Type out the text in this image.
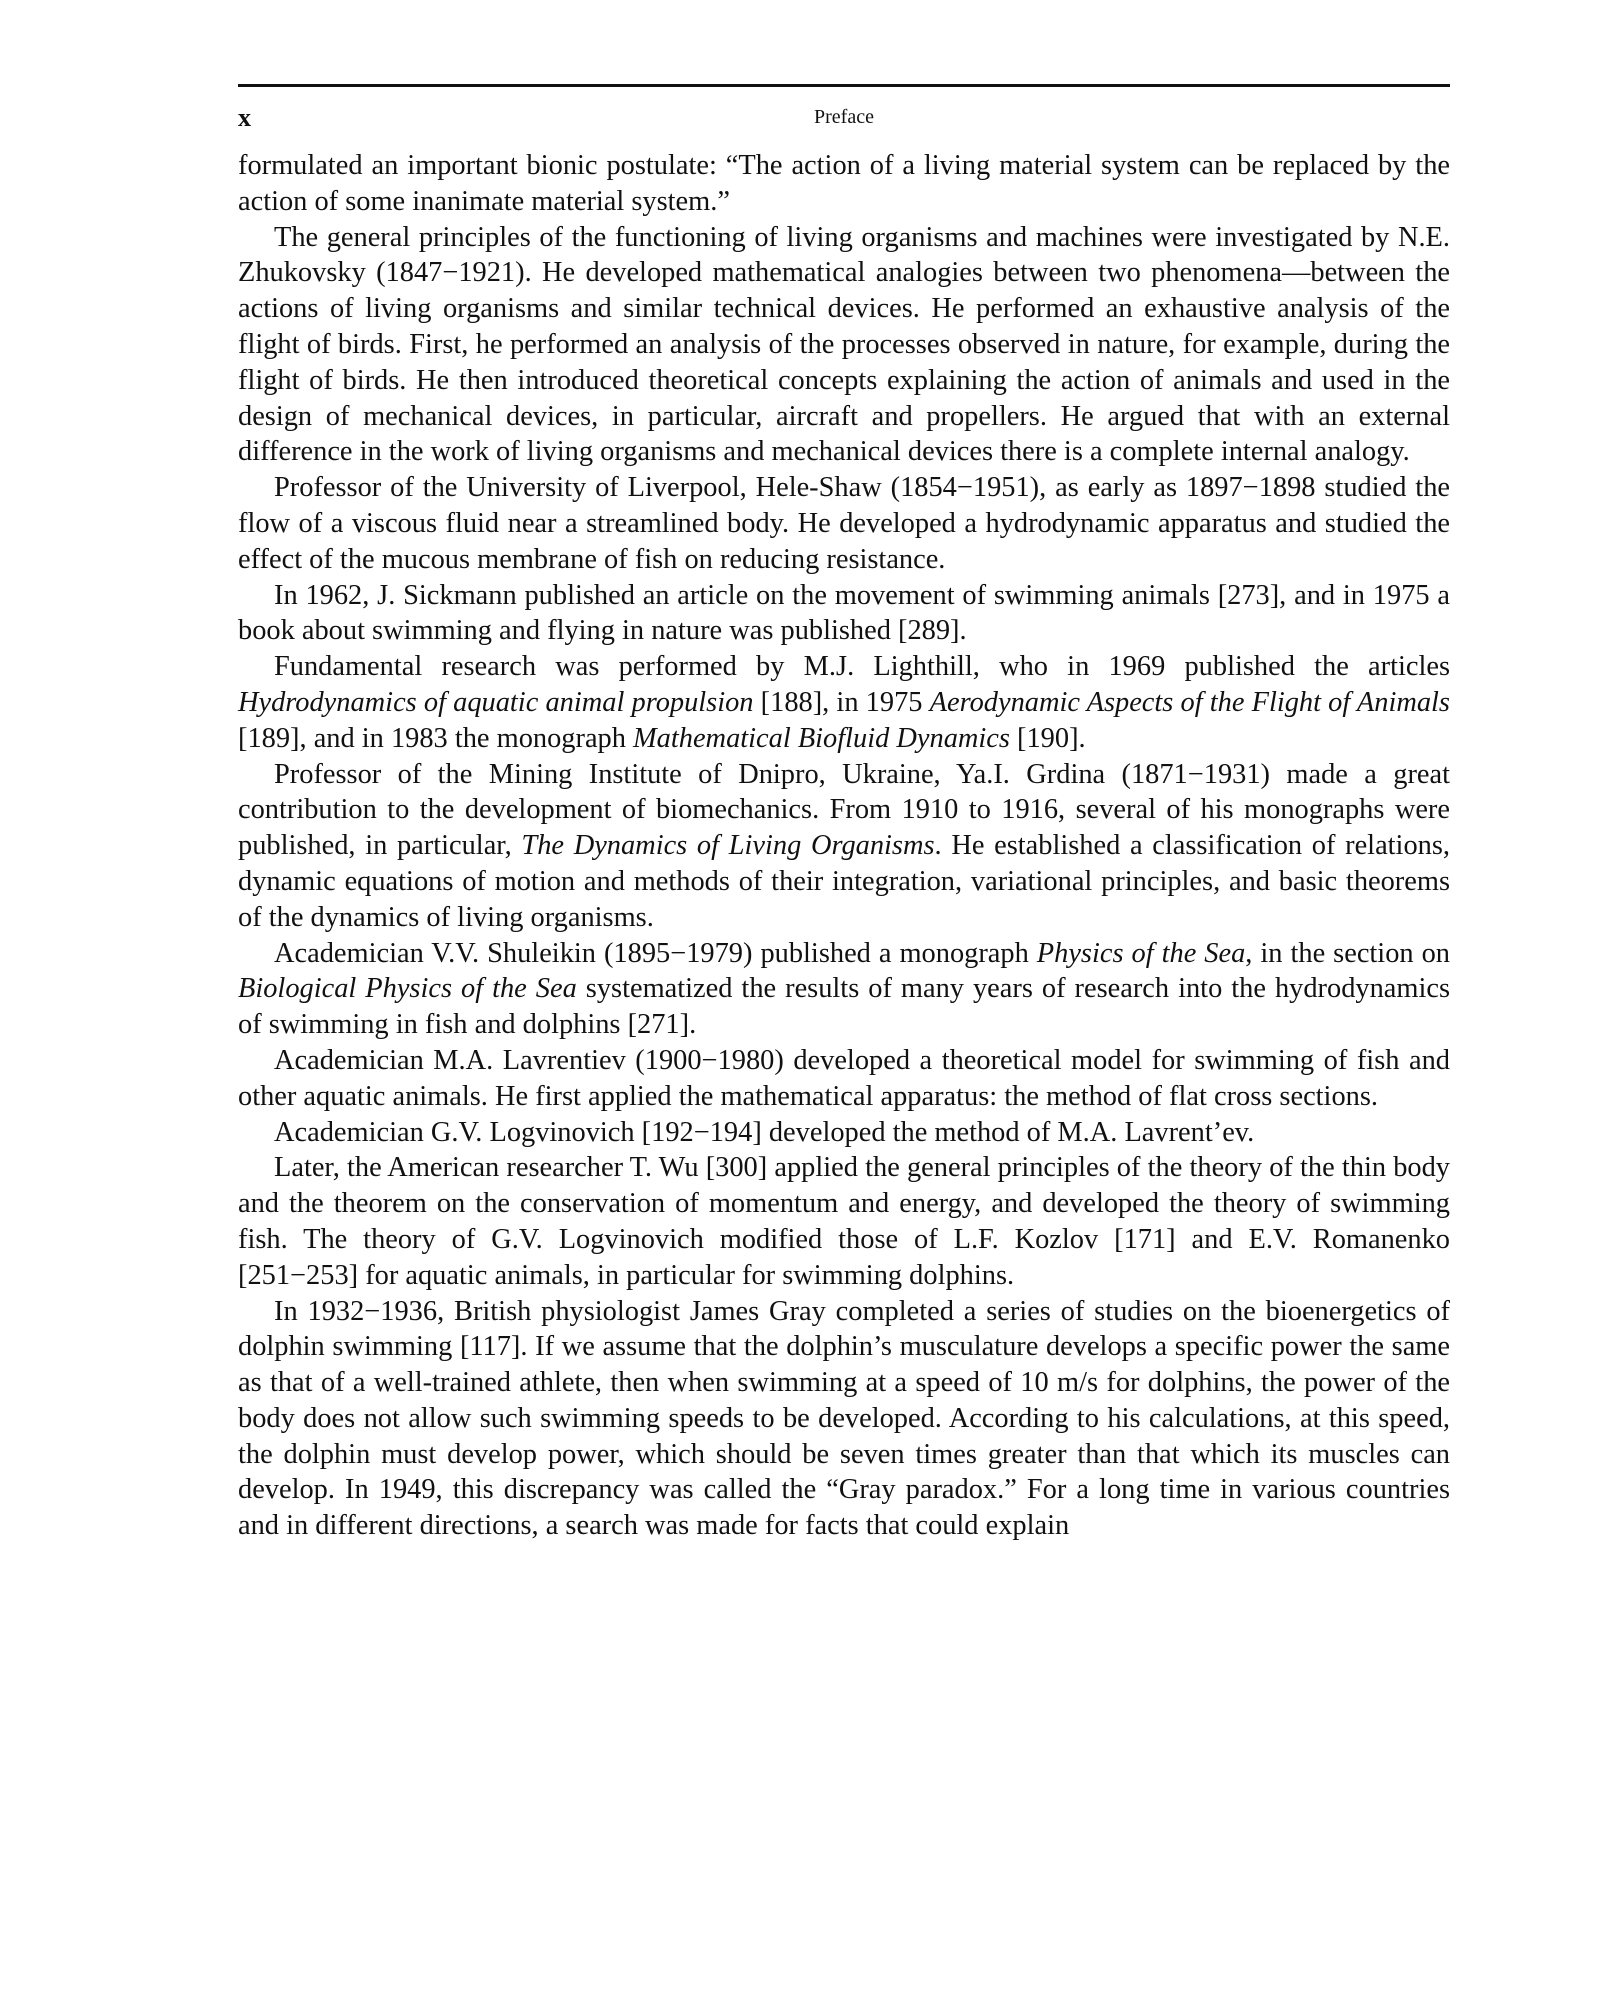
x	Preface

formulated an important bionic postulate: “The action of a living material system can be replaced by the action of some inanimate material system.”

The general principles of the functioning of living organisms and machines were investigated by N.E. Zhukovsky (1847−1921). He developed mathematical analogies between two phenomena—between the actions of living organisms and similar technical devices. He performed an exhaustive analysis of the flight of birds. First, he performed an analysis of the processes observed in nature, for example, during the flight of birds. He then introduced theoretical concepts explaining the action of animals and used in the design of mechanical devices, in particular, aircraft and propellers. He argued that with an external difference in the work of living organisms and mechanical devices there is a complete internal analogy.

Professor of the University of Liverpool, Hele-Shaw (1854−1951), as early as 1897−1898 studied the flow of a viscous fluid near a streamlined body. He developed a hydrodynamic apparatus and studied the effect of the mucous membrane of fish on reducing resistance.

In 1962, J. Sickmann published an article on the movement of swimming animals [273], and in 1975 a book about swimming and flying in nature was published [289].

Fundamental research was performed by M.J. Lighthill, who in 1969 published the articles Hydrodynamics of aquatic animal propulsion [188], in 1975 Aerodynamic Aspects of the Flight of Animals [189], and in 1983 the monograph Mathematical Biofluid Dynamics [190].

Professor of the Mining Institute of Dnipro, Ukraine, Ya.I. Grdina (1871−1931) made a great contribution to the development of biomechanics. From 1910 to 1916, several of his monographs were published, in particular, The Dynamics of Living Organisms. He established a classification of relations, dynamic equations of motion and methods of their integration, variational principles, and basic theorems of the dynamics of living organisms.

Academician V.V. Shuleikin (1895−1979) published a monograph Physics of the Sea, in the section on Biological Physics of the Sea systematized the results of many years of research into the hydrodynamics of swimming in fish and dolphins [271].

Academician M.A. Lavrentiev (1900−1980) developed a theoretical model for swimming of fish and other aquatic animals. He first applied the mathematical apparatus: the method of flat cross sections.

Academician G.V. Logvinovich [192−194] developed the method of M.A. Lavrent’ev.

Later, the American researcher T. Wu [300] applied the general principles of the theory of the thin body and the theorem on the conservation of momentum and energy, and developed the theory of swimming fish. The theory of G.V. Logvinovich modified those of L.F. Kozlov [171] and E.V. Romanenko [251−253] for aquatic animals, in particular for swimming dolphins.

In 1932−1936, British physiologist James Gray completed a series of studies on the bioenergetics of dolphin swimming [117]. If we assume that the dolphin’s musculature develops a specific power the same as that of a well-trained athlete, then when swimming at a speed of 10 m/s for dolphins, the power of the body does not allow such swimming speeds to be developed. According to his calculations, at this speed, the dolphin must develop power, which should be seven times greater than that which its muscles can develop. In 1949, this discrepancy was called the “Gray paradox.” For a long time in various countries and in different directions, a search was made for facts that could explain
